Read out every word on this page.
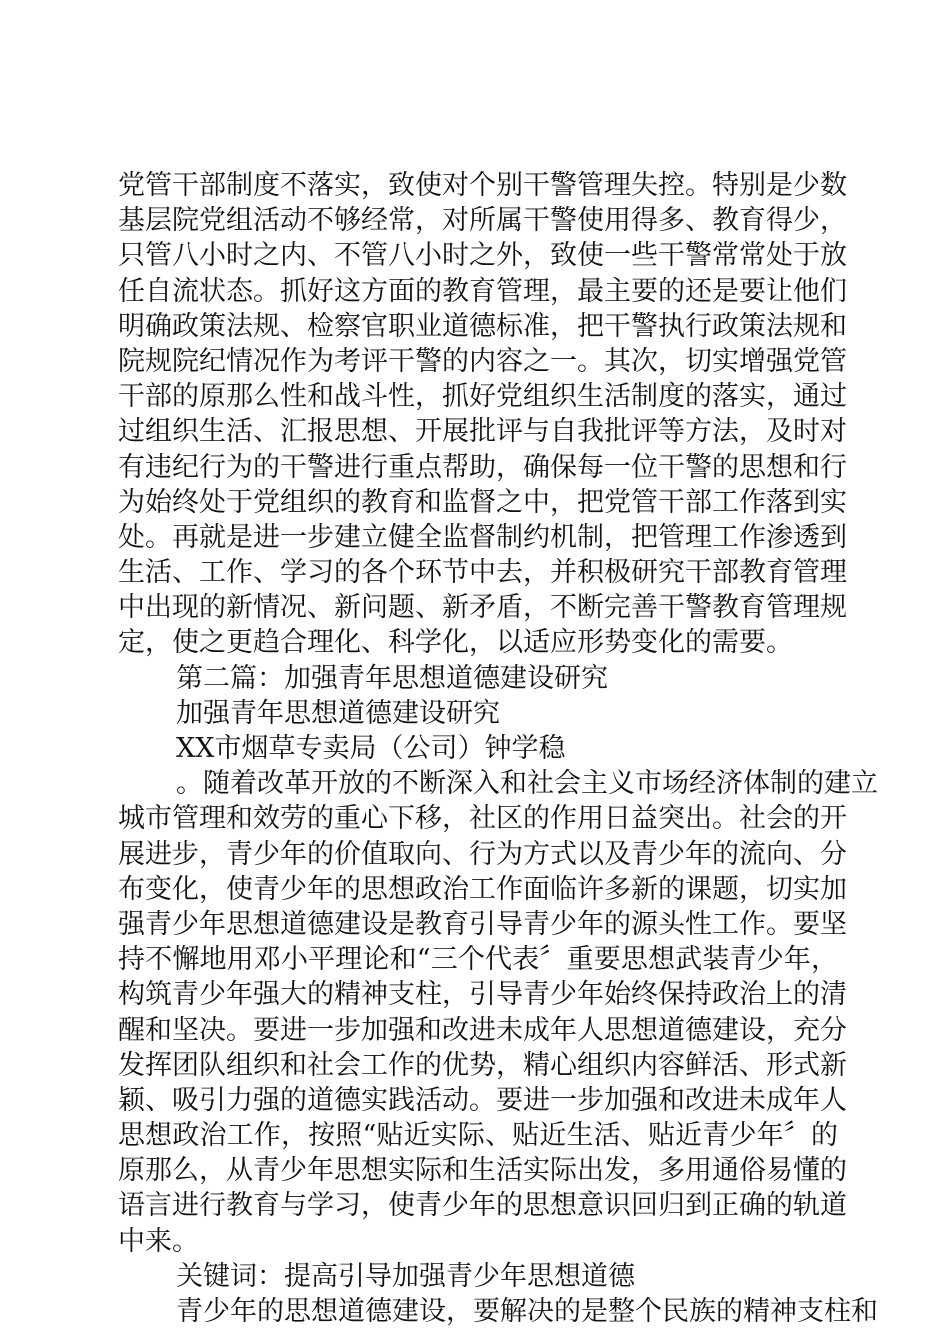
党管干部制度不落实，致使对个别干警管理失控。特别是少数
基层院党组活动不够经常，对所属干警使用得多、教育得少，
只管八小时之内、不管八小时之外，致使一些干警常常处于放
任自流状态。抓好这方面的教育管理，最主要的还是要让他们
明确政策法规、检察官职业道德标准，把干警执行政策法规和
院规院纪情况作为考评干警的内容之一。其次，切实增强党管
干部的原那么性和战斗性，抓好党组织生活制度的落实，通过
过组织生活、汇报思想、开展批评与自我批评等方法，及时对
有违纪行为的干警进行重点帮助，确保每一位干警的思想和行
为始终处于党组织的教育和监督之中，把党管干部工作落到实
处。再就是进一步建立健全监督制约机制，把管理工作渗透到
生活、工作、学习的各个环节中去，并积极研究干部教育管理
中出现的新情况、新问题、新矛盾，不断完善干警教育管理规
定，使之更趋合理化、科学化，以适应形势变化的需要。
第二篇：加强青年思想道德建设研究
加强青年思想道德建设研究
XX市烟草专卖局（公司）钟学稳
。随着改革开放的不断深入和社会主义市场经济体制的建立
城市管理和效劳的重心下移，社区的作用日益突出。社会的开
展进步，青少年的价值取向、行为方式以及青少年的流向、分
布变化，使青少年的思想政治工作面临许多新的课题，切实加
强青少年思想道德建设是教育引导青少年的源头性工作。要坚
持不懈地用邓小平理论和“三个代表〞重要思想武装青少年，
构筑青少年强大的精神支柱，引导青少年始终保持政治上的清
醒和坚决。要进一步加强和改进未成年人思想道德建设，充分
发挥团队组织和社会工作的优势，精心组织内容鲜活、形式新
颖、吸引力强的道德实践活动。要进一步加强和改进未成年人
思想政治工作，按照“贴近实际、贴近生活、贴近青少年〞的
原那么，从青少年思想实际和生活实际出发，多用通俗易懂的
语言进行教育与学习，使青少年的思想意识回归到正确的轨道
中来。
关键词：提高引导加强青少年思想道德
青少年的思想道德建设，要解决的是整个民族的精神支柱和
